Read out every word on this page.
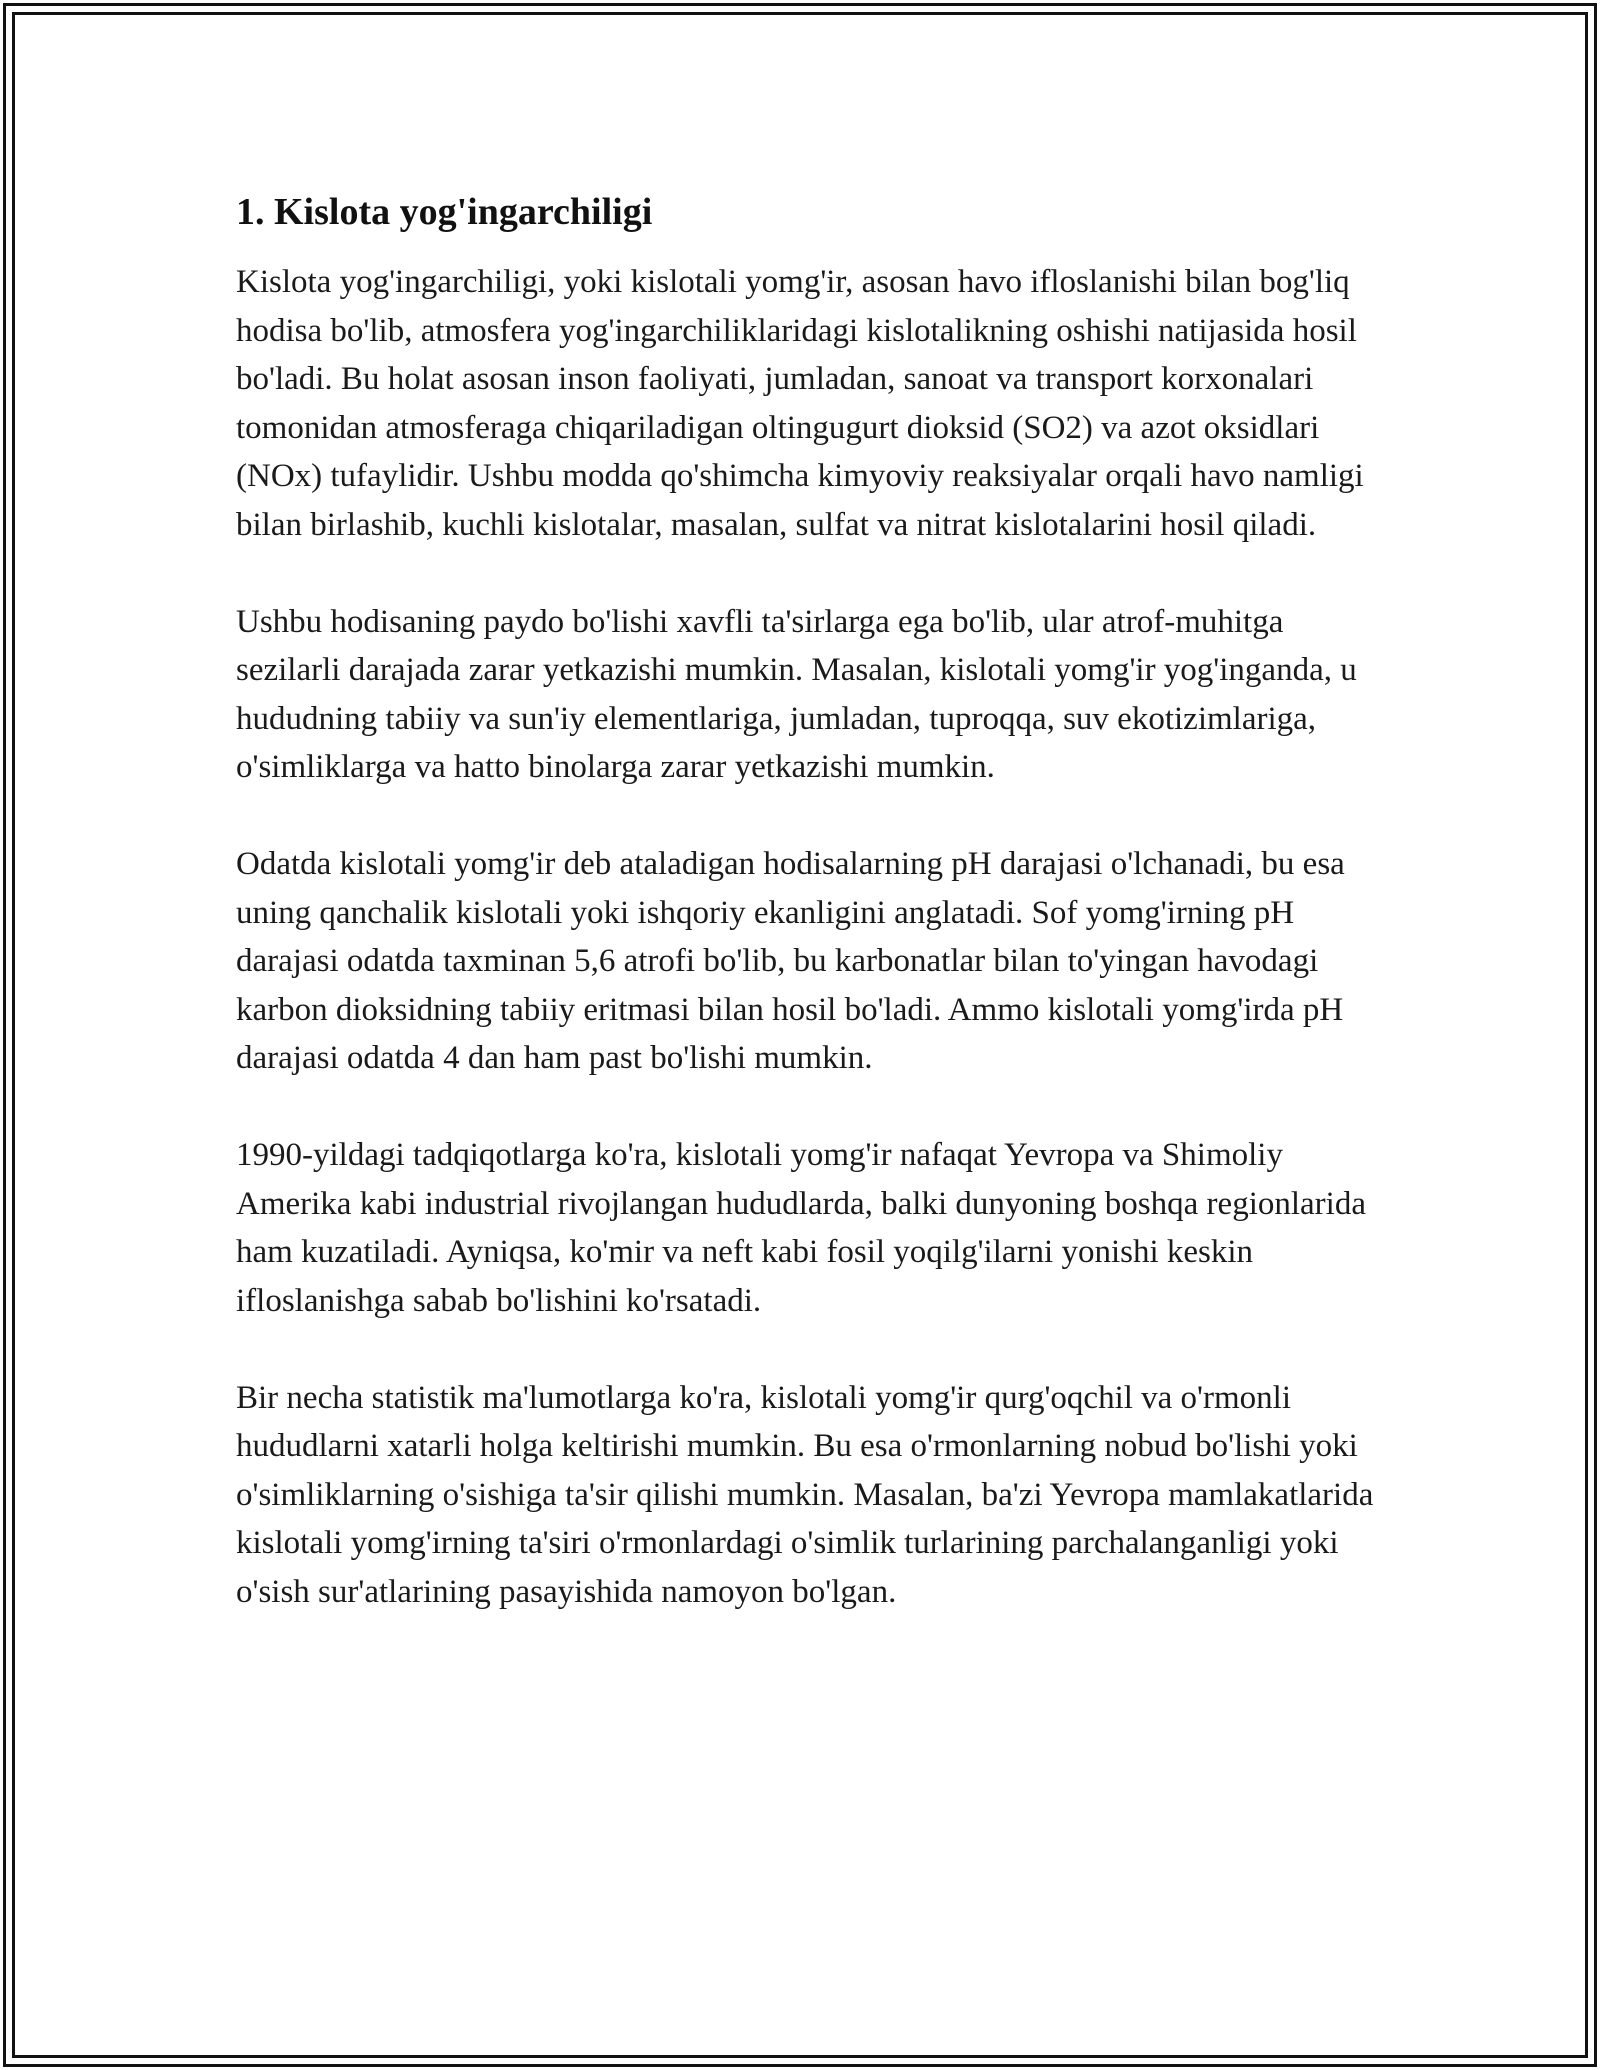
1. Kislota yog'ingarchiligi

Kislota yog'ingarchiligi, yoki kislotali yomg'ir, asosan havo ifloslanishi bilan bog'liq hodisa bo'lib, atmosfera yog'ingarchiliklaridagi kislotalikning oshishi natijasida hosil bo'ladi. Bu holat asosan inson faoliyati, jumladan, sanoat va transport korxonalari tomonidan atmosferaga chiqariladigan oltingugurt dioksid (SO2) va azot oksidlari (NOx) tufaylidir. Ushbu modda qo'shimcha kimyoviy reaksiyalar orqali havo namligi bilan birlashib, kuchli kislotalar, masalan, sulfat va nitrat kislotalarini hosil qiladi.

Ushbu hodisaning paydo bo'lishi xavfli ta'sirlarga ega bo'lib, ular atrof-muhitga sezilarli darajada zarar yetkazishi mumkin. Masalan, kislotali yomg'ir yog'inganda, u hududning tabiiy va sun'iy elementlariga, jumladan, tuproqqa, suv ekotizimlariga, o'simliklarga va hatto binolarga zarar yetkazishi mumkin.

Odatda kislotali yomg'ir deb ataladigan hodisalarning pH darajasi o'lchanadi, bu esa uning qanchalik kislotali yoki ishqoriy ekanligini anglatadi. Sof yomg'irning pH darajasi odatda taxminan 5,6 atrofi bo'lib, bu karbonatlar bilan to'yingan havodagi karbon dioksidning tabiiy eritmasi bilan hosil bo'ladi. Ammo kislotali yomg'irda pH darajasi odatda 4 dan ham past bo'lishi mumkin.

1990-yildagi tadqiqotlarga ko'ra, kislotali yomg'ir nafaqat Yevropa va Shimoliy Amerika kabi industrial rivojlangan hududlarda, balki dunyoning boshqa regionlarida ham kuzatiladi. Ayniqsa, ko'mir va neft kabi fosil yoqilg'ilarni yonishi keskin ifloslanishga sabab bo'lishini ko'rsatadi.

Bir necha statistik ma'lumotlarga ko'ra, kislotali yomg'ir qurg'oqchil va o'rmonli hududlarni xatarli holga keltirishi mumkin. Bu esa o'rmonlarning nobud bo'lishi yoki o'simliklarning o'sishiga ta'sir qilishi mumkin. Masalan, ba'zi Yevropa mamlakatlarida kislotali yomg'irning ta'siri o'rmonlardagi o'simlik turlarining parchalanganligi yoki o'sish sur'atlarining pasayishida namoyon bo'lgan.
